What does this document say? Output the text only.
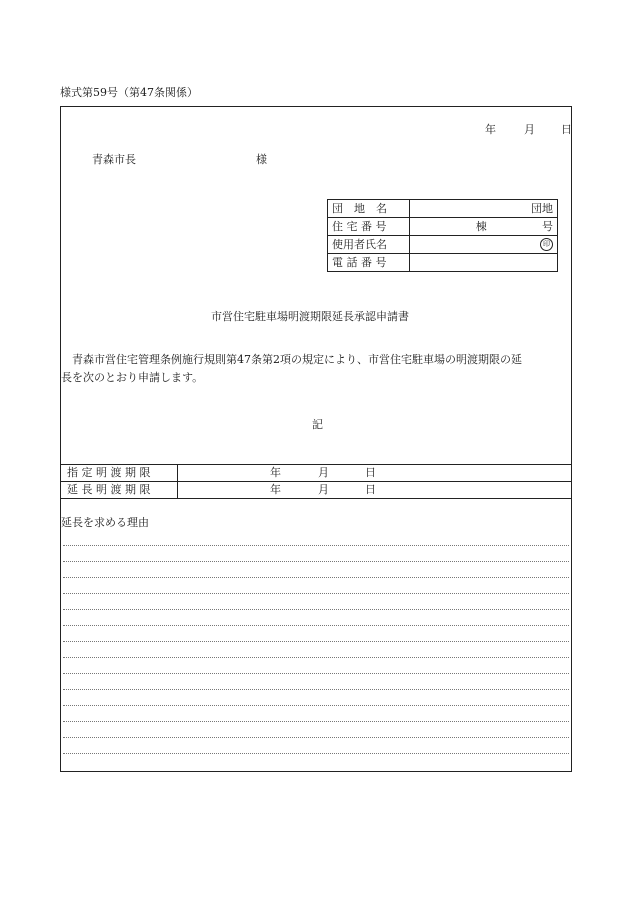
様式第59号（第47条関係）
年	月 日
青森市長	様
団　地　名	団地

住 宅 番 号	棟 号

使用者氏名	印

電 話 番 号	
市営住宅駐車場明渡期限延長承認申請書
　青森市営住宅管理条例施行規則第47条第2項の規定により、市営住宅駐車場の明渡期限の延
長を次のとおり申請します。
記
指 定 明 渡 期 限	年	月	日
延 長 明 渡 期 限	年	月	日
延長を求める理由
